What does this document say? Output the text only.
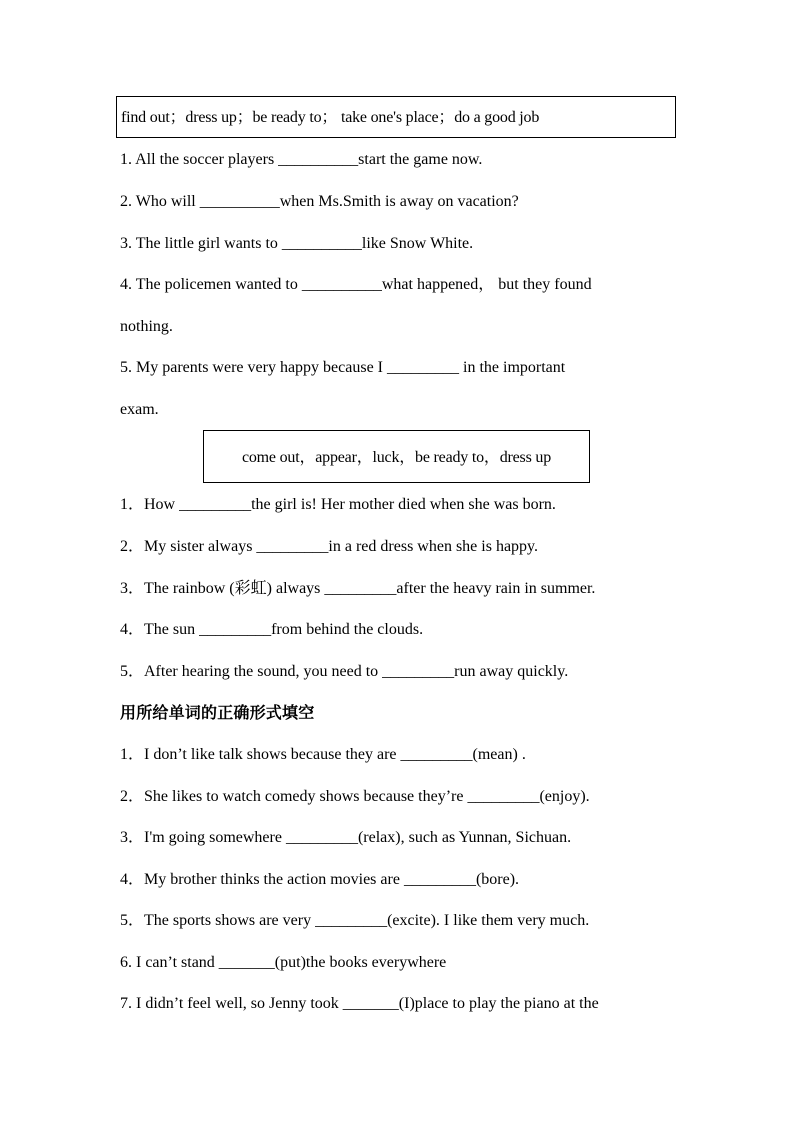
find out；dress up；be ready to； take one's place；do a good job
1. All the soccer players __________start the game now.
2. Who will __________when Ms.Smith is away on vacation?
3. The little girl wants to __________like Snow White.
4. The policemen wanted to __________what happened， but they found
nothing.
5. My parents were very happy because I _________ in the important
exam.
come out，appear，luck，be ready to，dress up
1．How _________the girl is! Her mother died when she was born.
2．My sister always _________in a red dress when she is happy.
3．The rainbow (彩虹) always _________after the heavy rain in summer.
4．The sun _________from behind the clouds.
5．After hearing the sound, you need to _________run away quickly.
用所给单词的正确形式填空
1．I don’t like talk shows because they are _________(mean) .
2．She likes to watch comedy shows because they’re _________(enjoy).
3．I'm going somewhere _________(relax), such as Yunnan, Sichuan.
4．My brother thinks the action movies are _________(bore).
5．The sports shows are very _________(excite). I like them very much.
6. I can’t stand _______(put)the books everywhere
7. I didn’t feel well, so Jenny took _______(I)place to play the piano at the
